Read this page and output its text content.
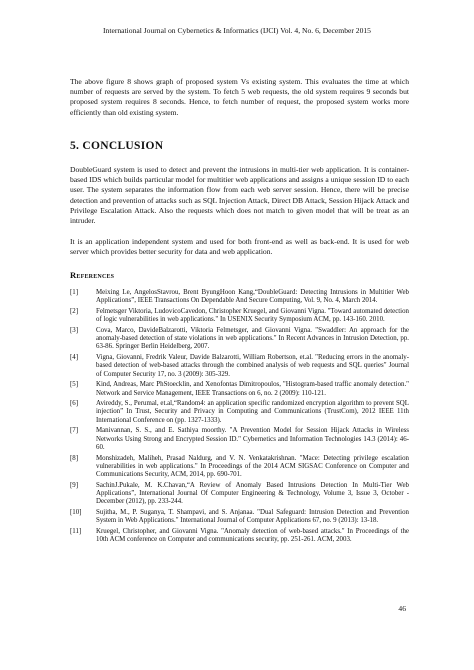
International Journal on Cybernetics & Informatics (IJCI) Vol. 4, No. 6, December 2015

The above figure 8 shows graph of proposed system Vs existing system. This evaluates the time at which number of requests are served by the system. To fetch 5 web requests, the old system requires 9 seconds but proposed system requires 8 seconds. Hence, to fetch number of request, the proposed system works more efficiently than old existing system.

5. CONCLUSION

DoubleGuard system is used to detect and prevent the intrusions in multi-tier web application. It is container-based IDS which builds particular model for multitier web applications and assigns a unique session ID to each user. The system separates the information flow from each web server session. Hence, there will be precise detection and prevention of attacks such as SQL Injection Attack, Direct DB Attack, Session Hijack Attack and Privilege Escalation Attack. Also the requests which does not match to given model that will be treat as an intruder.

It is an application independent system and used for both front-end as well as back-end. It is used for web server which provides better security for data and web application.

References
[1]	Meixing Le, AngelosStavrou, Brent ByungHoon Kang,“DoubleGuard: Detecting Intrusions in Multitier Web Applications”, IEEE Transactions On Dependable And Secure Computing, Vol. 9, No. 4, March 2014.
[2]	Felmetsger Viktoria, LudovicoCavedon, Christopher Kruegel, and Giovanni Vigna. "Toward automated detection of logic vulnerabilities in web applications." In USENIX Security Symposium ACM, pp. 143-160. 2010.
[3]	Cova, Marco, DavideBalzarotti, Viktoria Felmetsger, and Giovanni Vigna. "Swaddler: An approach for the anomaly-based detection of state violations in web applications." In Recent Advances in Intrusion Detection, pp. 63-86. Springer Berlin Heidelberg, 2007.
[4]	Vigna, Giovanni, Fredrik Valeur, Davide Balzarotti, William Robertson, et.al. "Reducing errors in the anomaly-based detection of web-based attacks through the combined analysis of web requests and SQL queries" Journal of Computer Security 17, no. 3 (2009): 305-329.
[5]	Kind, Andreas, Marc PhStoecklin, and Xenofontas Dimitropoulos, "Histogram-based traffic anomaly detection." Network and Service Management, IEEE Transactions on 6, no. 2 (2009): 110-121.
[6]	Avireddy, S., Perumal, et.al,“Random4: an application specific randomized encryption algorithm to prevent SQL injection” In Trust, Security and Privacy in Computing and Communications (TrustCom), 2012 IEEE 11th International Conference on (pp. 1327-1333).
[7]	Manivannan, S. S., and E. Sathiya moorthy. "A Prevention Model for Session Hijack Attacks in Wireless Networks Using Strong and Encrypted Session ID." Cybernetics and Information Technologies 14.3 (2014): 46-60.
[8]	Monshizadeh, Maliheh, Prasad Naldurg, and V. N. Venkatakrishnan. "Mace: Detecting privilege escalation vulnerabilities in web applications." In Proceedings of the 2014 ACM SIGSAC Conference on Computer and Communications Security, ACM, 2014, pp. 690-701.
[9]	SachinJ.Pukale, M. K.Chavan,“A Review of Anomaly Based Intrusions Detection In Multi-Tier Web Applications”, International Journal Of Computer Engineering & Technology, Volume 3, Issue 3, October - December (2012), pp. 233-244.
[10]	Sujitha, M., P. Suganya, T. Shampavi, and S. Anjanaa. "Dual Safeguard: Intrusion Detection and Prevention System in Web Applications." International Journal of Computer Applications 67, no. 9 (2013): 13-18.
[11]	Kruegel, Christopher, and Giovanni Vigna. "Anomaly detection of web-based attacks." In Proceedings of the 10th ACM conference on Computer and communications security, pp. 251-261. ACM, 2003.
46
